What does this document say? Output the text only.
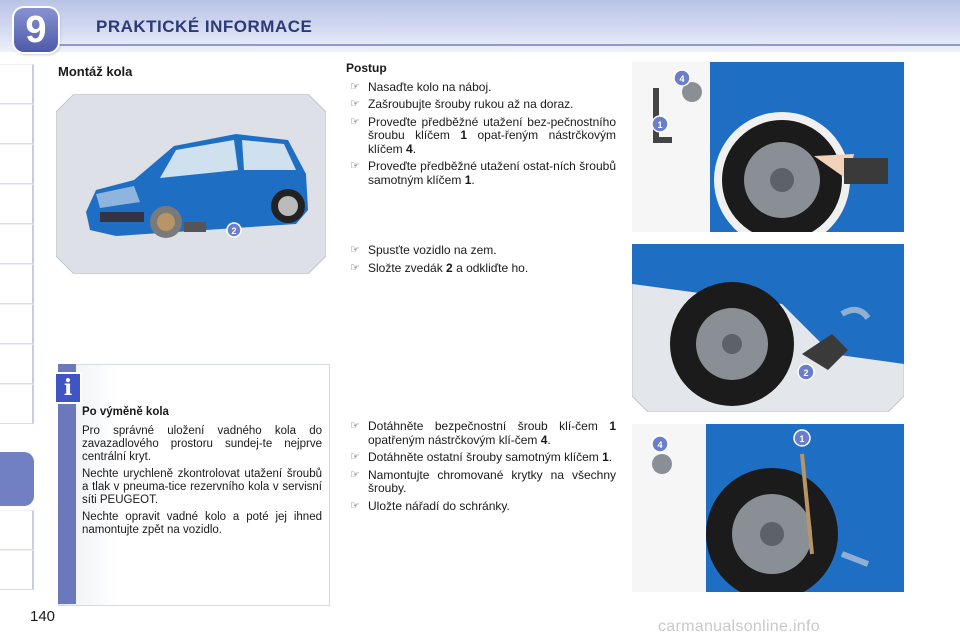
9	PRAKTICKÉ INFORMACE
Montáž kola
2
i

Po výměně kola

Pro správné uložení vadného kola do zavazadlového prostoru sundej-te nejprve centrální kryt.

Nechte urychleně zkontrolovat utažení šroubů a tlak v pneuma-tice rezervního kola v servisní síti PEUGEOT.

Nechte opravit vadné kolo a poté jej ihned namontujte zpět na vozidlo.

Postup
☞ Nasaďte kolo na náboj.
☞ Zašroubujte šrouby rukou až na doraz.
☞ Proveďte předběžné utažení bez-pečnostního šroubu klíčem 1 opat-řeným nástrčkovým klíčem 4.
☞ Proveďte předběžné utažení ostat-ních šroubů samotným klíčem 1.
☞ Spusťte vozidlo na zem.
☞ Složte zvedák 2 a odkliďte ho.
☞ Dotáhněte bezpečnostní šroub klí-čem 1 opatřeným nástrčkovým klí-čem 4.
☞ Dotáhněte ostatní šrouby samotným klíčem 1.
☞ Namontujte chromované krytky na všechny šrouby.
☞ Uložte nářadí do schránky.
4
1
2
4
1
140
carmanualsonline.info
